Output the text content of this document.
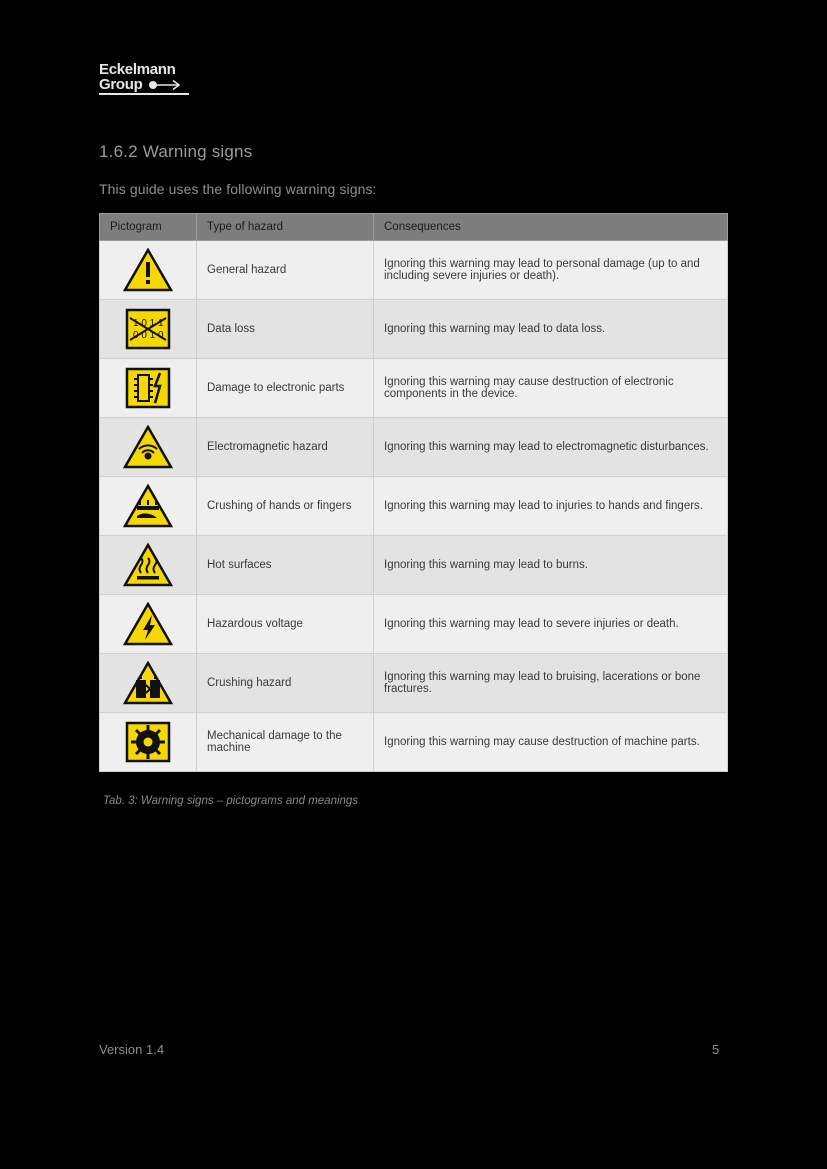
Eckelmann
Group
1.6.2 Warning signs
This guide uses the following warning signs:
Pictogram	Type of hazard	Consequences

	General hazard	Ignoring this warning may lead to personal damage (up to and including severe injuries or death).

1 0 1 1
0 0 1 0	Data loss	Ignoring this warning may lead to data loss.

	Damage to electronic parts	Ignoring this warning may cause destruction of electronic components in the device.

	Electromagnetic hazard	Ignoring this warning may lead to electromagnetic disturbances.

	Crushing of hands or fingers	Ignoring this warning may lead to injuries to hands and fingers.

	Hot surfaces	Ignoring this warning may lead to burns.

	Hazardous voltage	Ignoring this warning may lead to severe injuries or death.

	Crushing hazard	Ignoring this warning may lead to bruising, lacerations or bone fractures.

	Mechanical damage to the machine	Ignoring this warning may cause destruction of machine parts.
Tab. 3: Warning signs – pictograms and meanings
Version 1.4	5
